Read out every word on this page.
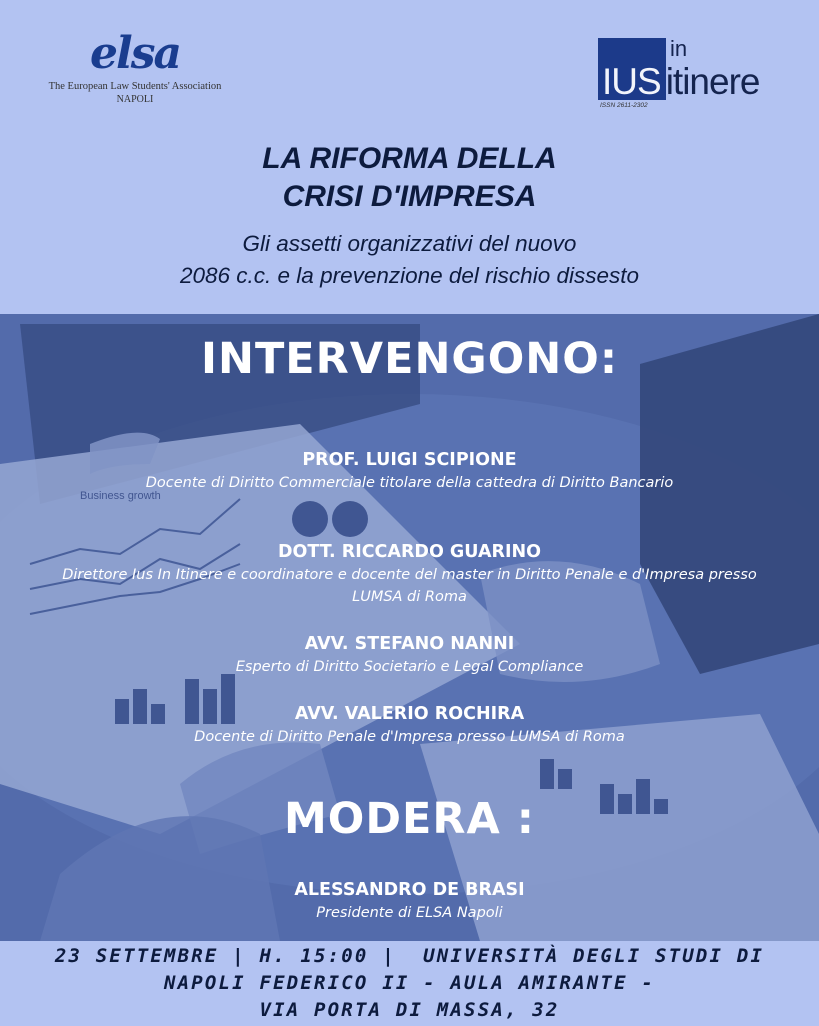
elsa
The European Law Students' Association
NAPOLI
in
IUS itinere
ISSN 2611-2302
LA RIFORMA DELLA
CRISI D'IMPRESA
Gli assetti organizzativi del nuovo
2086 c.c. e la prevenzione del rischio dissesto
Business growth
INTERVENGONO:
PROF. LUIGI SCIPIONE
Docente di Diritto Commerciale titolare della cattedra di Diritto Bancario
DOTT. RICCARDO GUARINO
Direttore Ius In Itinere e coordinatore e docente del master in Diritto Penale e d'Impresa presso
LUMSA di Roma
AVV. STEFANO NANNI
Esperto di Diritto Societario e Legal Compliance
AVV. VALERIO ROCHIRA
Docente di Diritto Penale d'Impresa presso LUMSA di Roma
MODERA :
ALESSANDRO DE BRASI
Presidente di ELSA Napoli
23 SETTEMBRE | H. 15:00 |  UNIVERSITÀ DEGLI STUDI DI
NAPOLI FEDERICO II - AULA AMIRANTE -
VIA PORTA DI MASSA, 32
